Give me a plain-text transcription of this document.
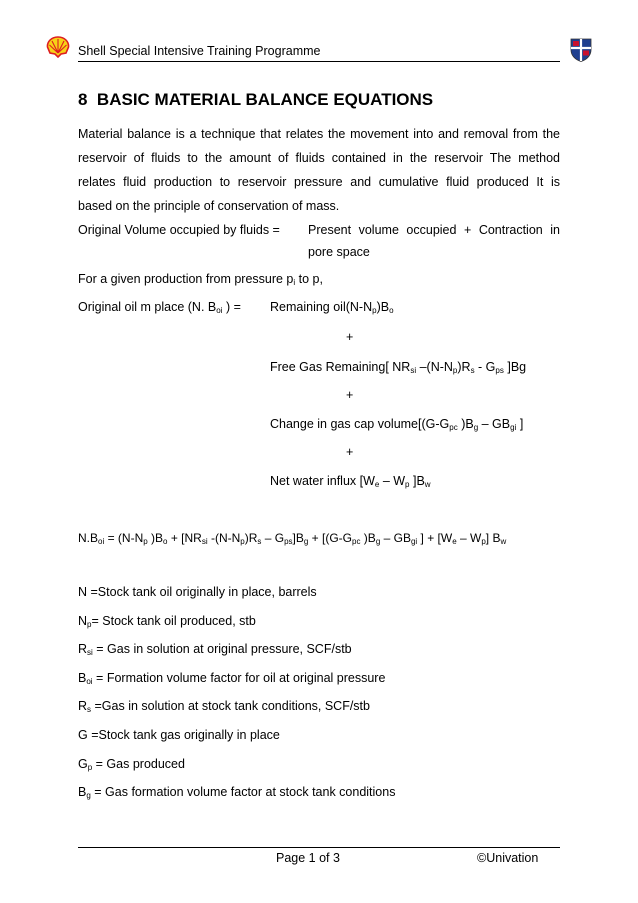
Shell Special Intensive Training Programme
8 BASIC MATERIAL BALANCE EQUATIONS
Material balance is a technique that relates the movement into and removal from the
reservoir of fluids to the amount of fluids contained in the reservoir The method
relates fluid production to reservoir pressure and cumulative fluid produced It is
based on the principle of conservation of mass.
Original Volume occupied by fluids = Present volume occupied + Contraction in
pore space
For a given production from pressure $p_i$ to p,
Original oil m place (N. $B_{oi}$ ) = Remaining $oil(N-N_p)B_o$
+
Free Gas Remaining[ $NR_{si}$ $-(N-N_p)R_s - G_{ps}$ ]Bg
+
Change in gas cap $volume[(G-G_{pc}$ )$B_g - GB_{gi}$ ]
+
Net water influx [$W_e - W_p$ ]$B_w$
$N.B_{oi} = (N-N_p$ )$B_o + [NR_{si}$ $-(N-N_p)R_s - G_{ps}]B_g + [(G-G_{pc}$ )$B_g - GB_{gi}$ ] + $[W_e - W_p]$ $B_w$
N =Stock tank oil originally in place, barrels
$N_p=$ Stock tank oil produced, stb
$R_{si}$ = Gas in solution at original pressure, SCF/stb
$B_{oi}$ = Formation volume factor for oil at original pressure
$R_s =Gas$ in solution at stock tank conditions, SCF/stb
G =Stock tank gas originally in place
$G_p$ = Gas produced
$B_g$ = Gas formation volume factor at stock tank conditions
Page 1 of 3	©Univation
